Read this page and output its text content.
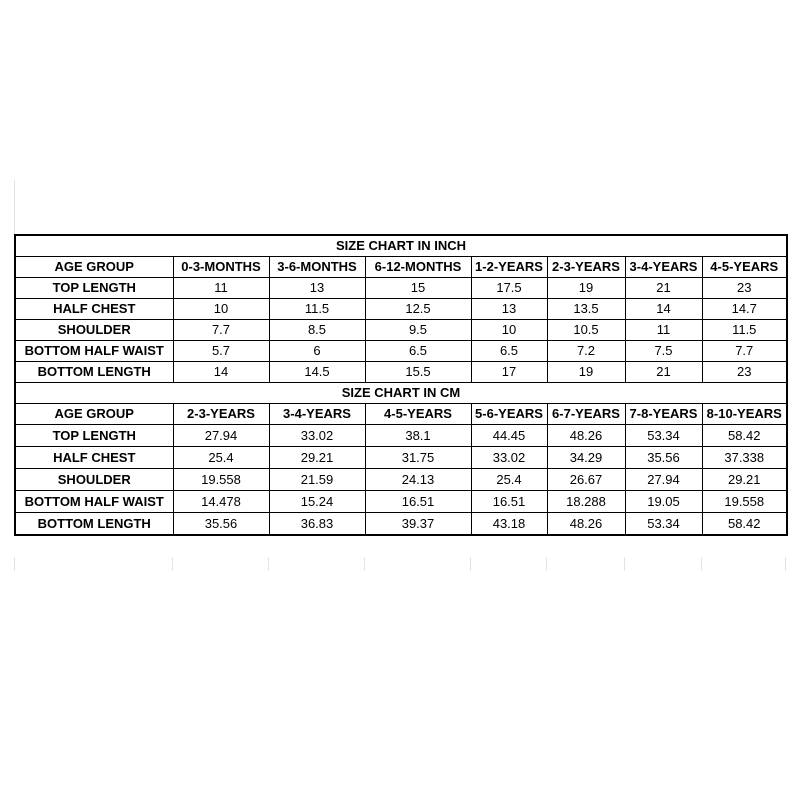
SIZE CHART IN INCH							
AGE GROUP	0-3-MONTHS	3-6-MONTHS	6-12-MONTHS	1-2-YEARS	2-3-YEARS	3-4-YEARS	4-5-YEARS
TOP LENGTH	11	13	15	17.5	19	21	23
HALF CHEST	10	11.5	12.5	13	13.5	14	14.7
SHOULDER	7.7	8.5	9.5	10	10.5	11	11.5
BOTTOM HALF WAIST	5.7	6	6.5	6.5	7.2	7.5	7.7
BOTTOM LENGTH	14	14.5	15.5	17	19	21	23
SIZE CHART IN CM							
AGE GROUP	2-3-YEARS	3-4-YEARS	4-5-YEARS	5-6-YEARS	6-7-YEARS	7-8-YEARS	8-10-YEARS
TOP LENGTH	27.94	33.02	38.1	44.45	48.26	53.34	58.42
HALF CHEST	25.4	29.21	31.75	33.02	34.29	35.56	37.338
SHOULDER	19.558	21.59	24.13	25.4	26.67	27.94	29.21
BOTTOM HALF WAIST	14.478	15.24	16.51	16.51	18.288	19.05	19.558
BOTTOM LENGTH	35.56	36.83	39.37	43.18	48.26	53.34	58.42
